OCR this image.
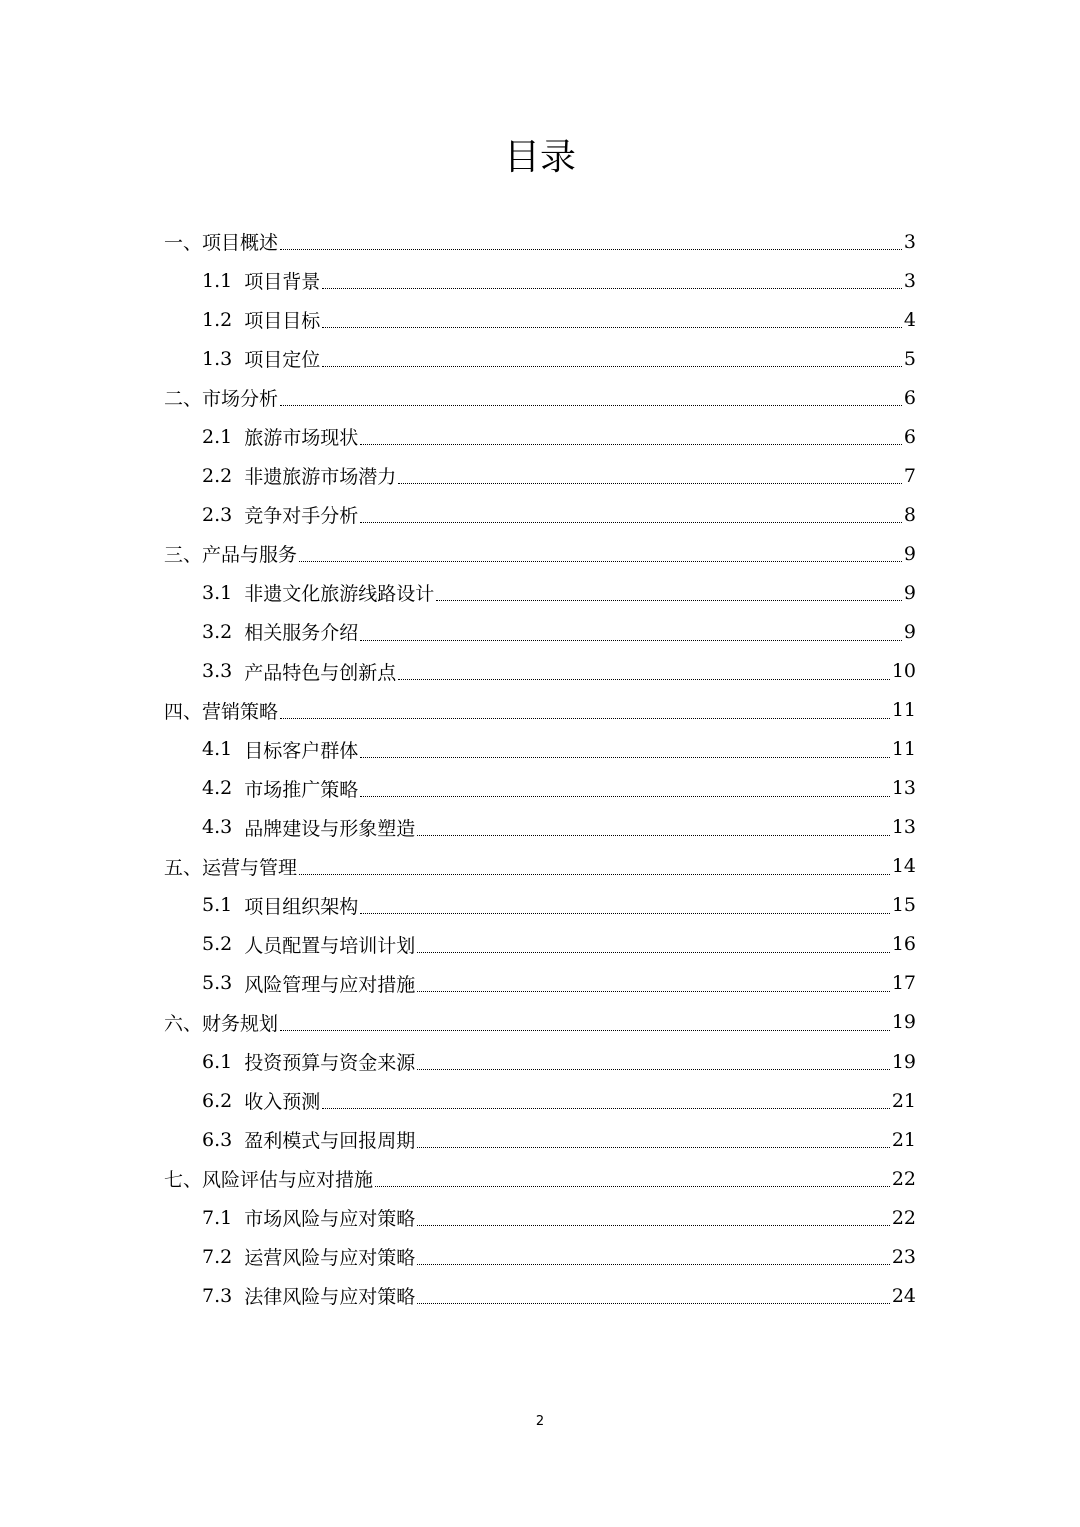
目录
一、 项目概述	3
1.1 项目背景	3
1.2 项目目标	4
1.3 项目定位	5
二、 市场分析	6
2.1 旅游市场现状	6
2.2 非遗旅游市场潜力	7
2.3 竞争对手分析	8
三、 产品与服务	9
3.1 非遗文化旅游线路设计	9
3.2 相关服务介绍	9
3.3 产品特色与创新点	10
四、 营销策略	11
4.1 目标客户群体	11
4.2 市场推广策略	13
4.3 品牌建设与形象塑造	13
五、 运营与管理	14
5.1 项目组织架构	15
5.2 人员配置与培训计划	16
5.3 风险管理与应对措施	17
六、 财务规划	19
6.1 投资预算与资金来源	19
6.2 收入预测	21
6.3 盈利模式与回报周期	21
七、 风险评估与应对措施	22
7.1 市场风险与应对策略	22
7.2 运营风险与应对策略	23
7.3 法律风险与应对策略	24
2
